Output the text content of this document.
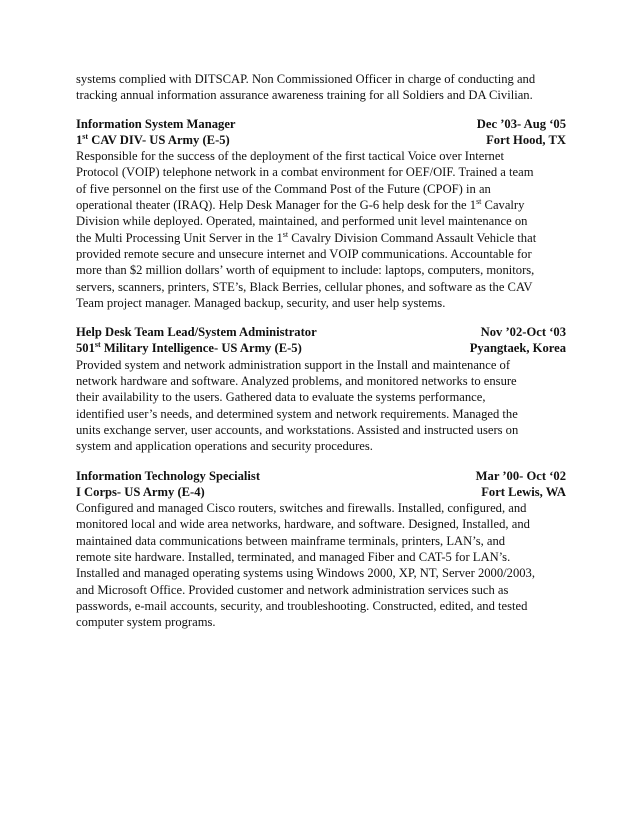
systems complied with DITSCAP. Non Commissioned Officer in charge of conducting and
tracking annual information assurance awareness training for all Soldiers and DA Civilian.
Information System Manager	Dec ’03- Aug ‘05
1st CAV DIV- US Army (E-5)	Fort Hood, TX
Responsible for the success of the deployment of the first tactical Voice over Internet
Protocol (VOIP) telephone network in a combat environment for OEF/OIF. Trained a team
of five personnel on the first use of the Command Post of the Future (CPOF) in an
operational theater (IRAQ). Help Desk Manager for the G-6 help desk for the 1st Cavalry
Division while deployed. Operated, maintained, and performed unit level maintenance on
the Multi Processing Unit Server in the 1st Cavalry Division Command Assault Vehicle that
provided remote secure and unsecure internet and VOIP communications. Accountable for
more than $2 million dollars’ worth of equipment to include: laptops, computers, monitors,
servers, scanners, printers, STE’s, Black Berries, cellular phones, and software as the CAV
Team project manager. Managed backup, security, and user help systems.
Help Desk Team Lead/System Administrator	Nov ’02-Oct ‘03
501st Military Intelligence- US Army (E-5)	Pyangtaek, Korea
Provided system and network administration support in the Install and maintenance of
network hardware and software. Analyzed problems, and monitored networks to ensure
their availability to the users. Gathered data to evaluate the systems performance,
identified user’s needs, and determined system and network requirements. Managed the
units exchange server, user accounts, and workstations. Assisted and instructed users on
system and application operations and security procedures.
Information Technology Specialist	Mar ’00- Oct ‘02
I Corps- US Army (E-4)	Fort Lewis, WA
Configured and managed Cisco routers, switches and firewalls. Installed, configured, and
monitored local and wide area networks, hardware, and software. Designed, Installed, and
maintained data communications between mainframe terminals, printers, LAN’s, and
remote site hardware. Installed, terminated, and managed Fiber and CAT-5 for LAN’s.
Installed and managed operating systems using Windows 2000, XP, NT, Server 2000/2003,
and Microsoft Office. Provided customer and network administration services such as
passwords, e-mail accounts, security, and troubleshooting. Constructed, edited, and tested
computer system programs.
